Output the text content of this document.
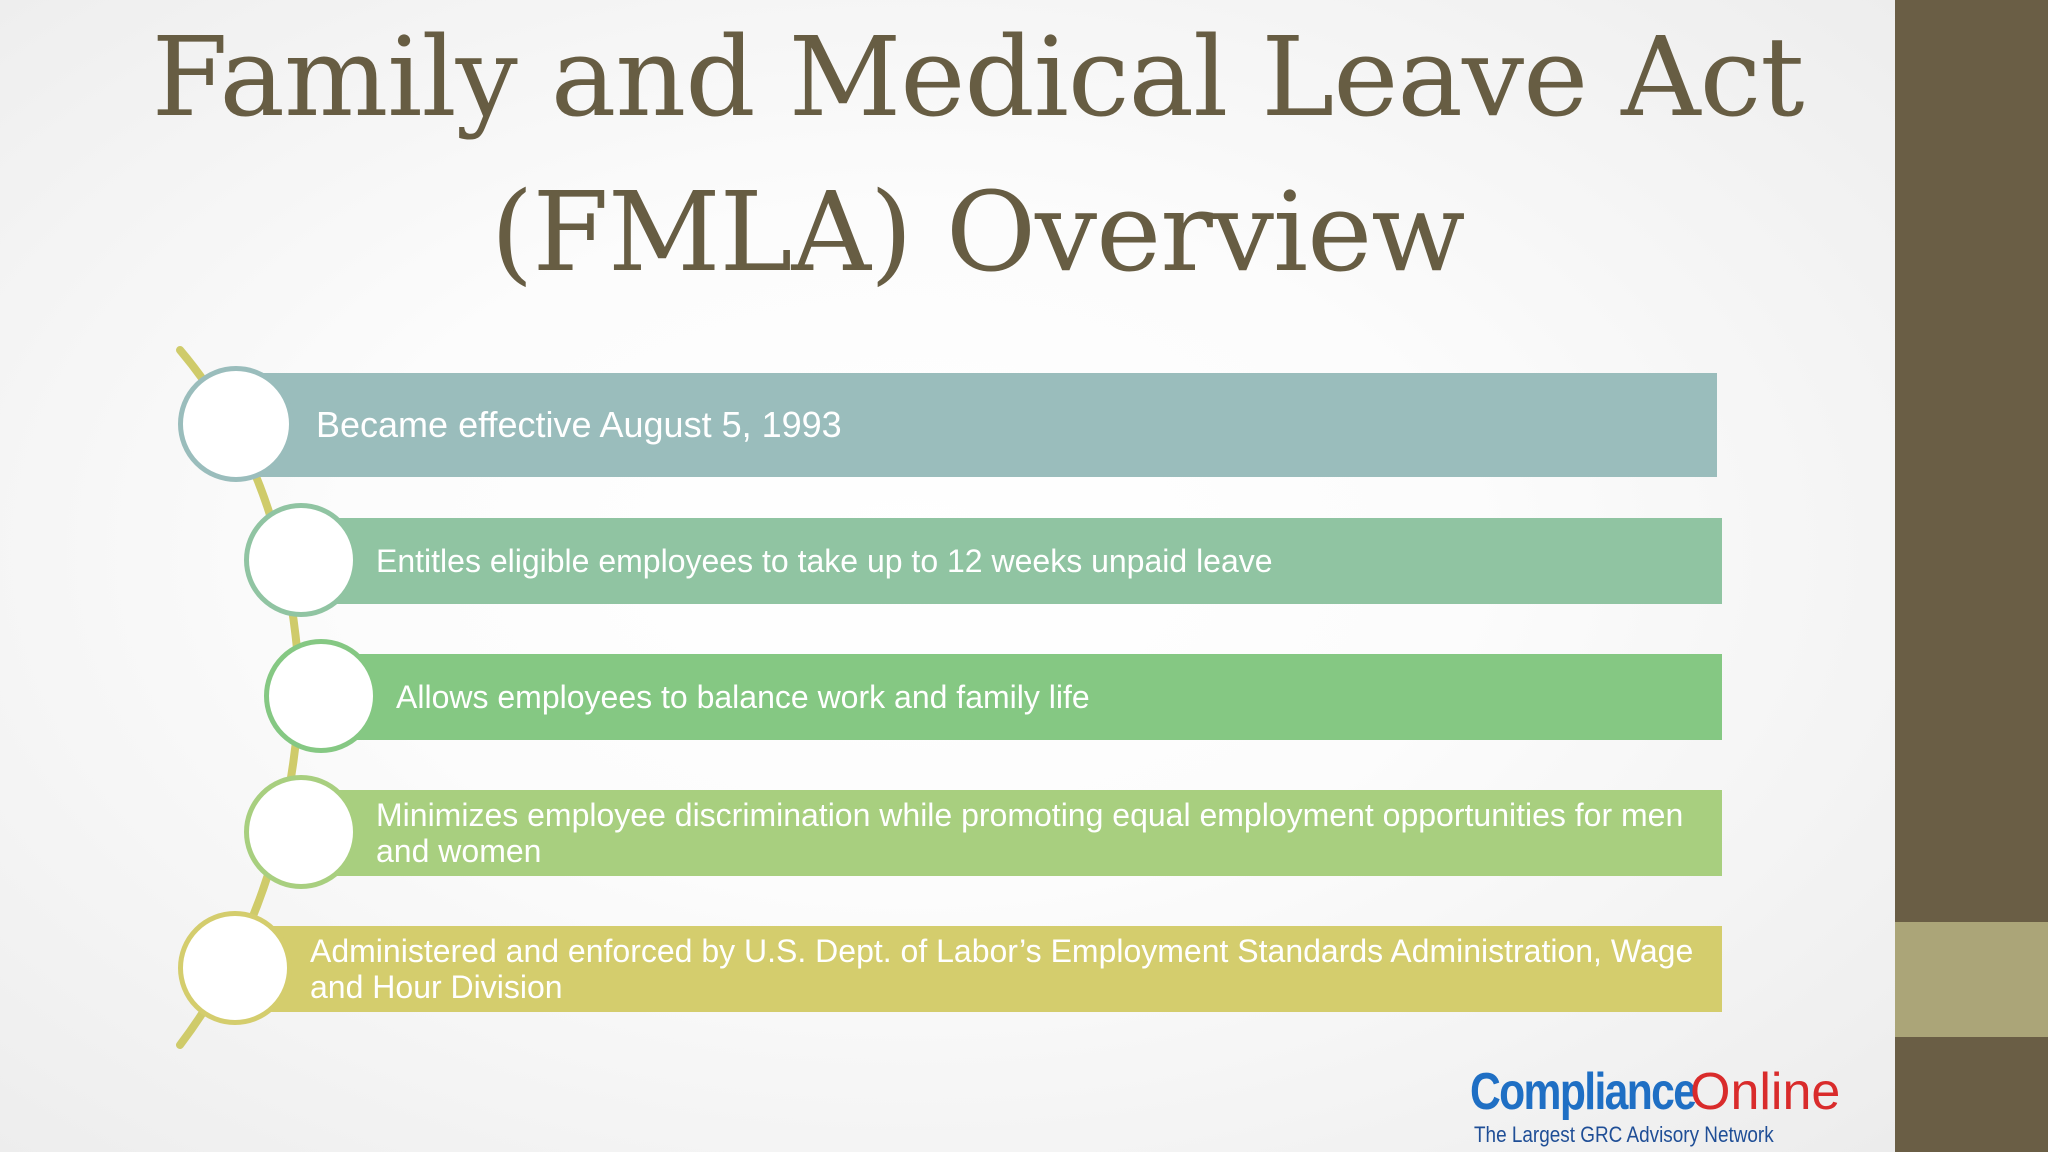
Family and Medical Leave Act
(FMLA) Overview
Became effective August 5, 1993
Entitles eligible employees to take up to 12 weeks unpaid leave
Allows employees to balance work and family life
Minimizes employee discrimination while promoting equal employment opportunities for men and women
Administered and enforced by U.S. Dept. of Labor’s Employment Standards Administration, Wage and Hour Division
Compliance
Online
The Largest GRC Advisory Network
